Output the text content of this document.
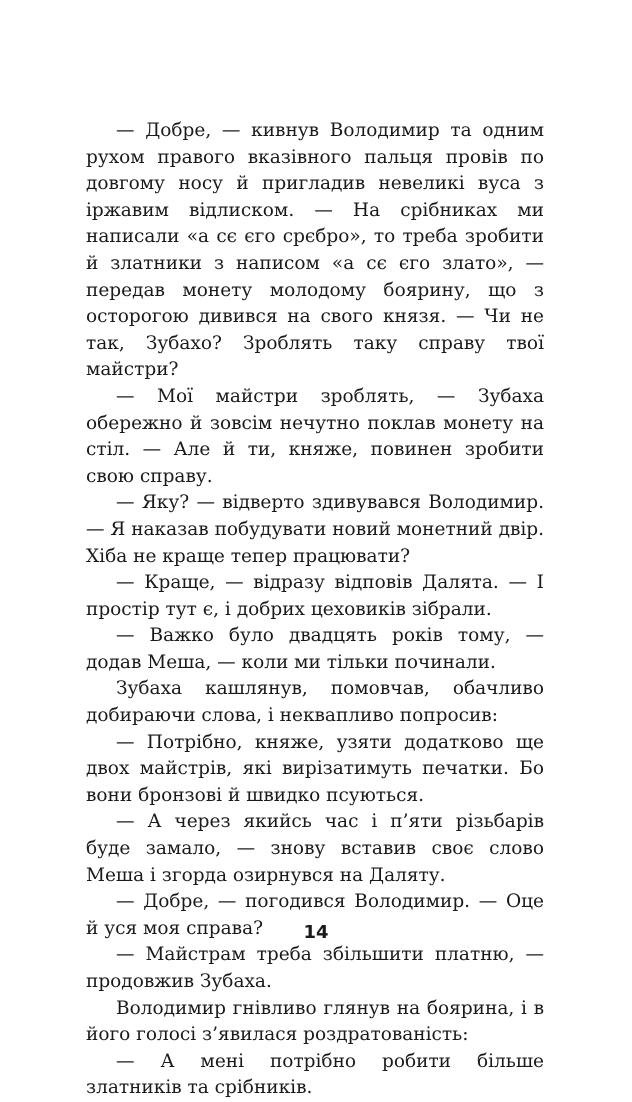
— Добре, — кивнув Володимир та одним рухом правого вказівного пальця провів по довгому носу й пригладив невеликі вуса з іржавим відлиском. — На срібниках ми написали «а сє єго срєбро», то треба зробити й златники з написом «а сє єго злато», — передав монету молодому боярину, що з осторогою дивився на свого князя. — Чи не так, Зубахо? Зроблять таку справу твої майстри?

— Мої майстри зроблять, — Зубаха обережно й зовсім нечутно поклав монету на стіл. — Але й ти, княже, повинен зробити свою справу.

— Яку? — відверто здивувався Володимир. — Я наказав побудувати новий монетний двір. Хіба не краще тепер працювати?

— Краще, — відразу відповів Далята. — І простір тут є, і добрих цеховиків зібрали.

— Важко було двадцять років тому, — додав Меша, — коли ми тільки починали.

Зубаха кашлянув, помовчав, обачливо добираючи слова, і неквапливо попросив:

— Потрібно, княже, узяти додатково ще двох майстрів, які вирізатимуть печатки. Бо вони бронзові й швидко псуються.

— А через якийсь час і п’яти різьбарів буде замало, — знову вставив своє слово Меша і згорда озирнувся на Даляту.

— Добре, — погодився Володимир. — Оце й уся моя справа?

— Майстрам треба збільшити платню, — продовжив Зубаха.

Володимир гнівливо глянув на боярина, і в його голосі з’явилася роздратованість:

— А мені потрібно робити більше златників та срібників.

14
